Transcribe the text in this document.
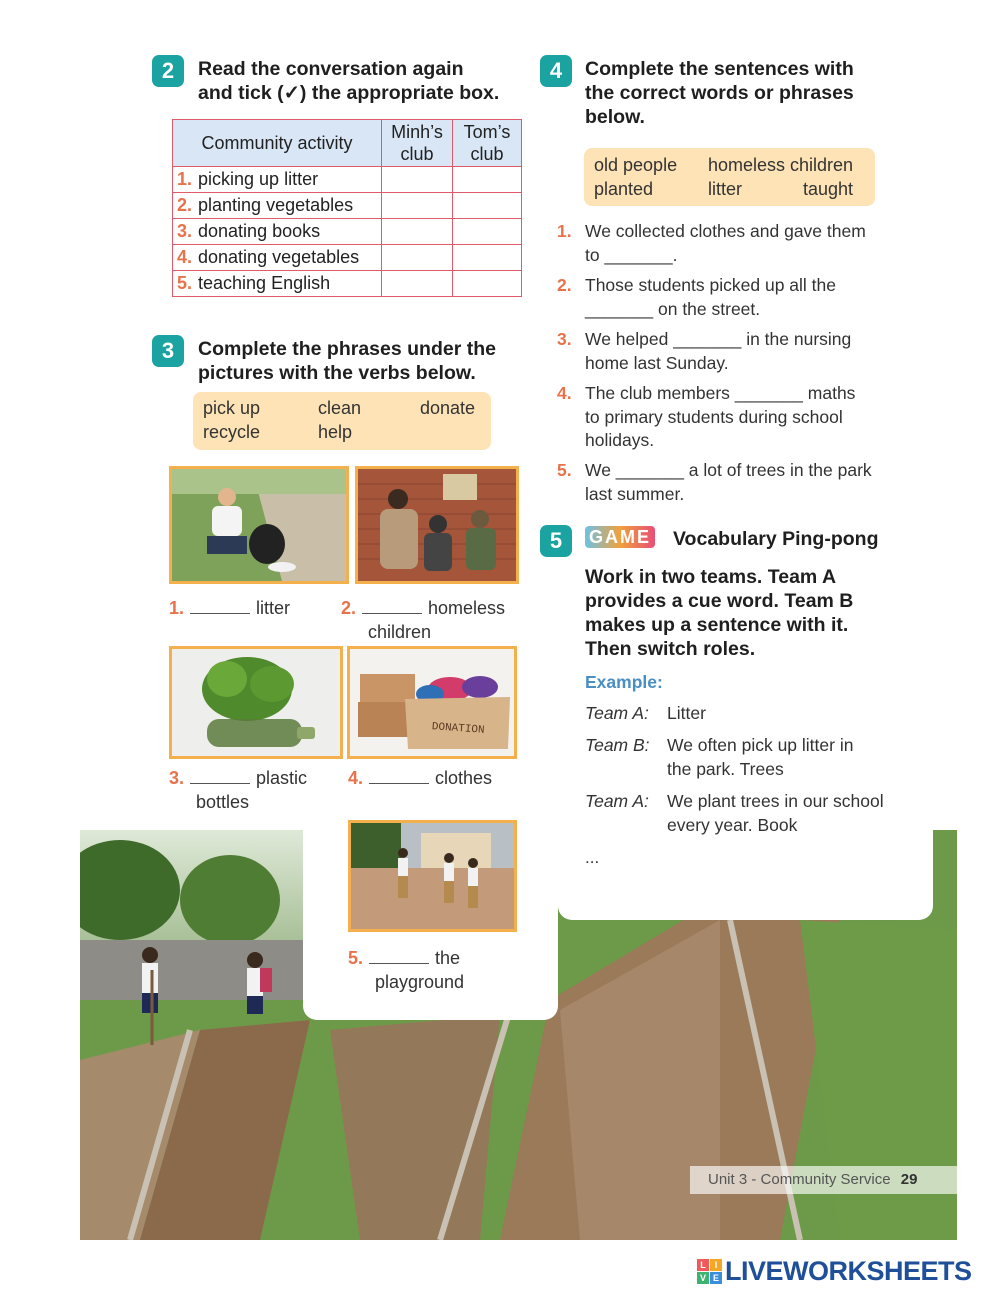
2	Read the conversation again
and tick (✓) the appropriate box.
Community activity	Minh’s club	Tom’s club
1. picking up litter		
2. planting vegetables		
3. donating books		
4. donating vegetables		
5. teaching English		
3	Complete the phrases under the
pictures with the verbs below.
pick up	clean	donate
recycle	help
1.	litter	2.	homeless
children
DONATION
3.	plastic
bottles
4.	clothes
5.	the
playground
4	Complete the sentences with
the correct words or phrases
below.
old people homeless children
planted	litter	taught
1. We collected clothes and gave them
to _______.
2. Those students picked up all the
_______ on the street.
3. We helped _______ in the nursing
home last Sunday.
4. The club members _______ maths
to primary students during school
holidays.
5. We _______ a lot of trees in the park
last summer.
5	GAME Vocabulary Ping-pong
Work in two teams. Team A
provides a cue word. Team B
makes up a sentence with it.
Then switch roles.
Example:
Team A: Litter
Team B: We often pick up litter in
the park. Trees
Team A: We plant trees in our school
every year. Book
...
Unit 3 - Community Service 29
L I
V E LIVEWORKSHEETS
